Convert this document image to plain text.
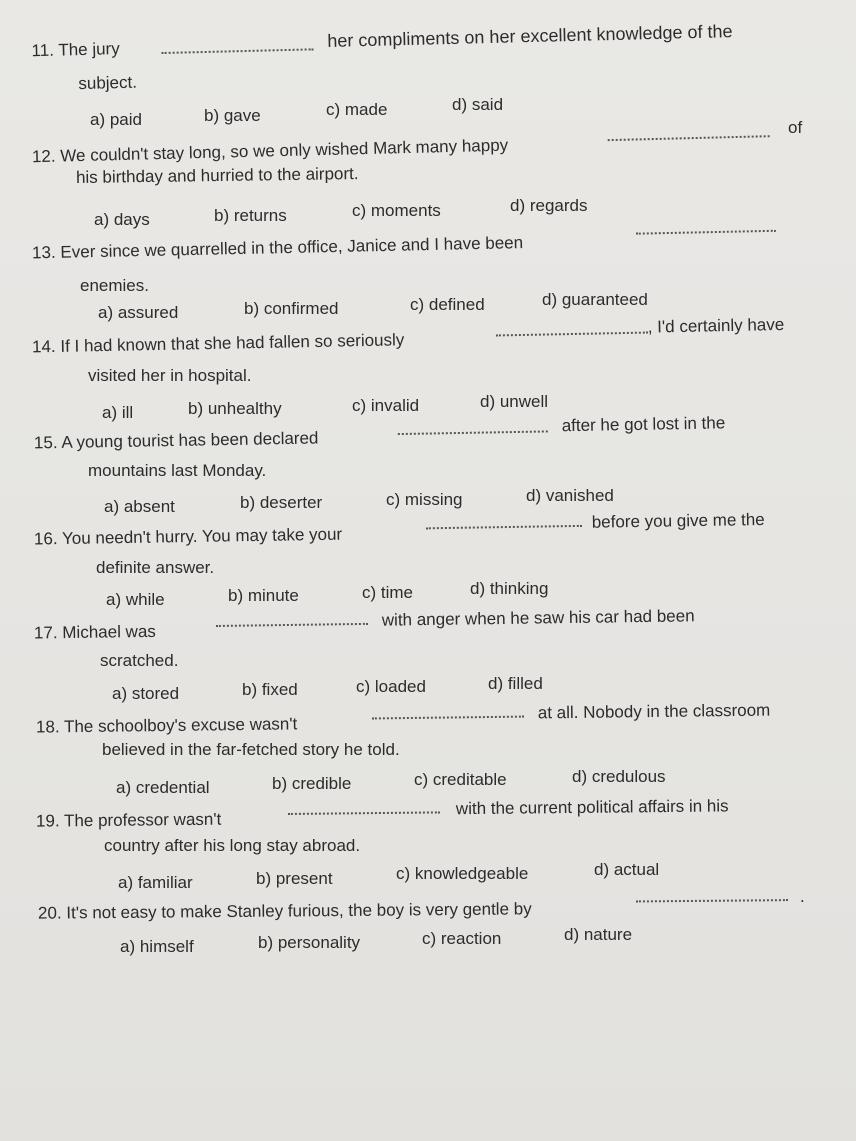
11. The jury	her compliments on her excellent knowledge of the
subject.
a) paid	b) gave	c) made	d) said
12. We couldn't stay long, so we only wished Mark many happy
of
his birthday and hurried to the airport.
a) days	b) returns	c) moments	d) regards
13. Ever since we quarrelled in the office, Janice and I have been
enemies.
a) assured	b) confirmed	c) defined	d) guaranteed
14. If I had known that she had fallen so seriously
, I'd certainly have
visited her in hospital.
a) ill	b) unhealthy	c) invalid	d) unwell
15. A young tourist has been declared
after he got lost in the
mountains last Monday.
a) absent	b) deserter	c) missing	d) vanished
16. You needn't hurry. You may take your
before you give me the
definite answer.
a) while	b) minute	c) time	d) thinking
17. Michael was
with anger when he saw his car had been
scratched.
a) stored	b) fixed	c) loaded	d) filled
18. The schoolboy's excuse wasn't
at all. Nobody in the classroom
believed in the far-fetched story he told.
a) credential	b) credible	c) creditable	d) credulous
19. The professor wasn't
with the current political affairs in his
country after his long stay abroad.
a) familiar	b) present	c) knowledgeable	d) actual
20. It's not easy to make Stanley furious, the boy is very gentle by
.
a) himself	b) personality	c) reaction	d) nature
